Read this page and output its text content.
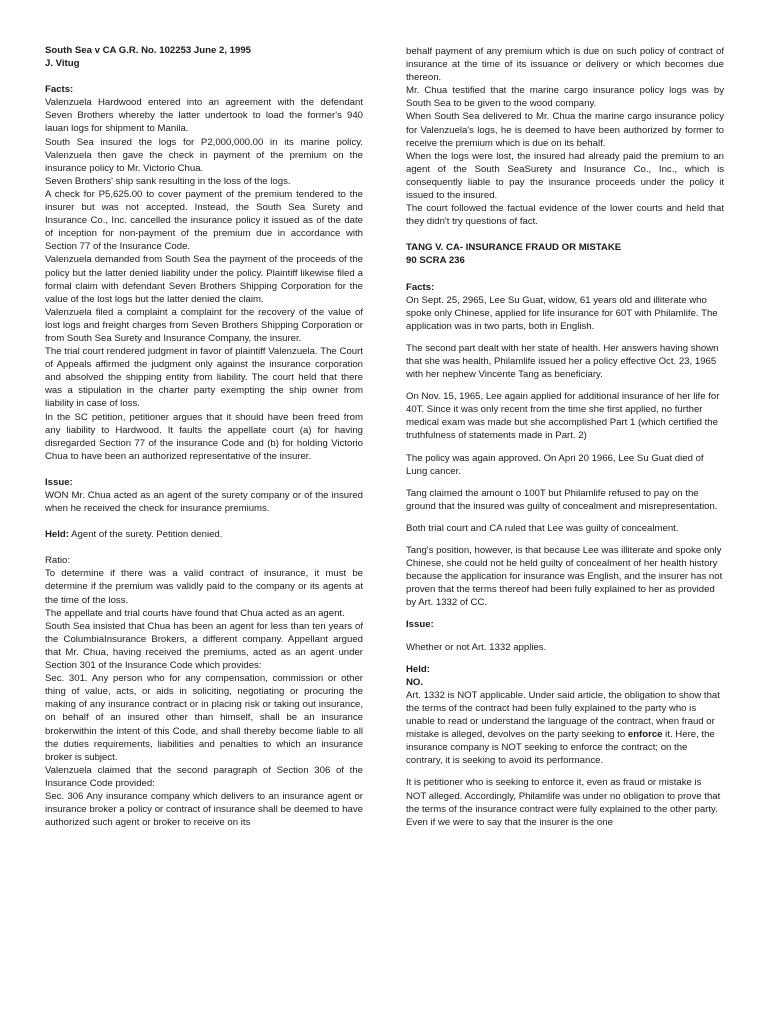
South Sea v CA G.R. No. 102253 June 2, 1995

J. Vitug

Facts:

Valenzuela Hardwood entered into an agreement with the defendant Seven Brothers whereby the latter undertook to load the former's 940 lauan logs for shipment to Manila.

South Sea insured the logs for P2,000,000.00 in its marine policy. Valenzuela then gave the check in payment of the premium on the insurance policy to Mr. Victorio Chua.

Seven Brothers' ship sank resulting in the loss of the logs.

A check for P5,625.00 to cover payment of the premium tendered to the insurer but was not accepted. Instead, the South Sea Surety and Insurance Co., Inc. cancelled the insurance policy it issued as of the date of inception for non-payment of the premium due in accordance with Section 77 of the Insurance Code.

Valenzuela demanded from South Sea the payment of the proceeds of the policy but the latter denied liability under the policy. Plaintiff likewise filed a formal claim with defendant Seven Brothers Shipping Corporation for the value of the lost logs but the latter denied the claim.

Valenzuela filed a complaint a complaint for the recovery of the value of lost logs and freight charges from Seven Brothers Shipping Corporation or from South Sea Surety and Insurance Company, the insurer.

The trial court rendered judgment in favor of plaintiff Valenzuela. The Court of Appeals affirmed the judgment only against the insurance corporation and absolved the shipping entity from liability. The court held that there was a stipulation in the charter party exempting the ship owner from liability in case of loss.

In the SC petition, petitioner argues that it should have been freed from any liability to Hardwood. It faults the appellate court (a) for having disregarded Section 77 of the insurance Code and (b) for holding Victorio Chua to have been an authorized representative of the insurer.

Issue:

WON Mr. Chua acted as an agent of the surety company or of the insured when he received the check for insurance premiums.

Held: Agent of the surety. Petition denied.

Ratio:

To determine if there was a valid contract of insurance, it must be determine if the premium was validly paid to the company or its agents at the time of the loss.

The appellate and trial courts have found that Chua acted as an agent.

South Sea insisted that Chua has been an agent for less than ten years of the ColumbiaInsurance Brokers, a different company. Appellant argued that Mr. Chua, having received the premiums, acted as an agent under Section 301 of the Insurance Code which provides:

Sec. 301. Any person who for any compensation, commission or other thing of value, acts, or aids in soliciting, negotiating or procuring the making of any insurance contract or in placing risk or taking out insurance, on behalf of an insured other than himself, shall be an insurance brokerwithin the intent of this Code, and shall thereby become liable to all the duties requirements, liabilities and penalties to which an insurance broker is subject.

Valenzuela claimed that the second paragraph of Section 306 of the Insurance Code provided:

Sec. 306 Any insurance company which delivers to an insurance agent or insurance broker a policy or contract of insurance shall be deemed to have authorized such agent or broker to receive on its

behalf payment of any premium which is due on such policy of contract of insurance at the time of its issuance or delivery or which becomes due thereon.

Mr. Chua testified that the marine cargo insurance policy logs was by South Sea to be given to the wood company.

When South Sea delivered to Mr. Chua the marine cargo insurance policy for Valenzuela's logs, he is deemed to have been authorized by former to receive the premium which is due on its behalf.

When the logs were lost, the insured had already paid the premium to an agent of the South SeaSurety and Insurance Co., Inc., which is consequently liable to pay the insurance proceeds under the policy it issued to the insured.

The court followed the factual evidence of the lower courts and held that they didn't try questions of fact.

TANG V. CA- INSURANCE FRAUD OR MISTAKE

90 SCRA 236

Facts:

On Sept. 25, 2965, Lee Su Guat, widow, 61 years old and illiterate who spoke only Chinese, applied for life insurance for 60T with Philamlife. The application was in two parts, both in English.

The second part dealt with her state of health. Her answers having shown that she was health, Philamlife issued her a policy effective Oct. 23, 1965 with her nephew Vincente Tang as beneficiary.

On Nov. 15, 1965, Lee again applied for additional insurance of her life for 40T. Since it was only recent from the time she first applied, no further medical exam was made but she accomplished Part 1 (which certified the truthfulness of statements made in Part. 2)

The policy was again approved. On Apri 20 1966, Lee Su Guat died of Lung cancer.

Tang claimed the amount o 100T but Philamlife refused to pay on the ground that the insured was guilty of concealment and misrepresentation.

Both trial court and CA ruled that Lee was guilty of concealment.

Tang's position, however, is that because Lee was illiterate and spoke only Chinese, she could not be held guilty of concealment of her health history because the application for insurance was English, and the insurer has not proven that the terms thereof had been fully explained to her as provided by Art. 1332 of CC.

Issue:

Whether or not Art. 1332 applies.

Held:

NO.

Art. 1332 is NOT applicable. Under said article, the obligation to show that the terms of the contract had been fully explained to the party who is unable to read or understand the language of the contract, when fraud or mistake is alleged, devolves on the party seeking to enforce it. Here, the insurance company is NOT seeking to enforce the contract; on the contrary, it is seeking to avoid its performance.

It is petitioner who is seeking to enforce it, even as fraud or mistake is NOT alleged. Accordingly, Philamlife was under no obligation to prove that the terms of the insurance contract were fully explained to the other party. Even if we were to say that the insurer is the one
